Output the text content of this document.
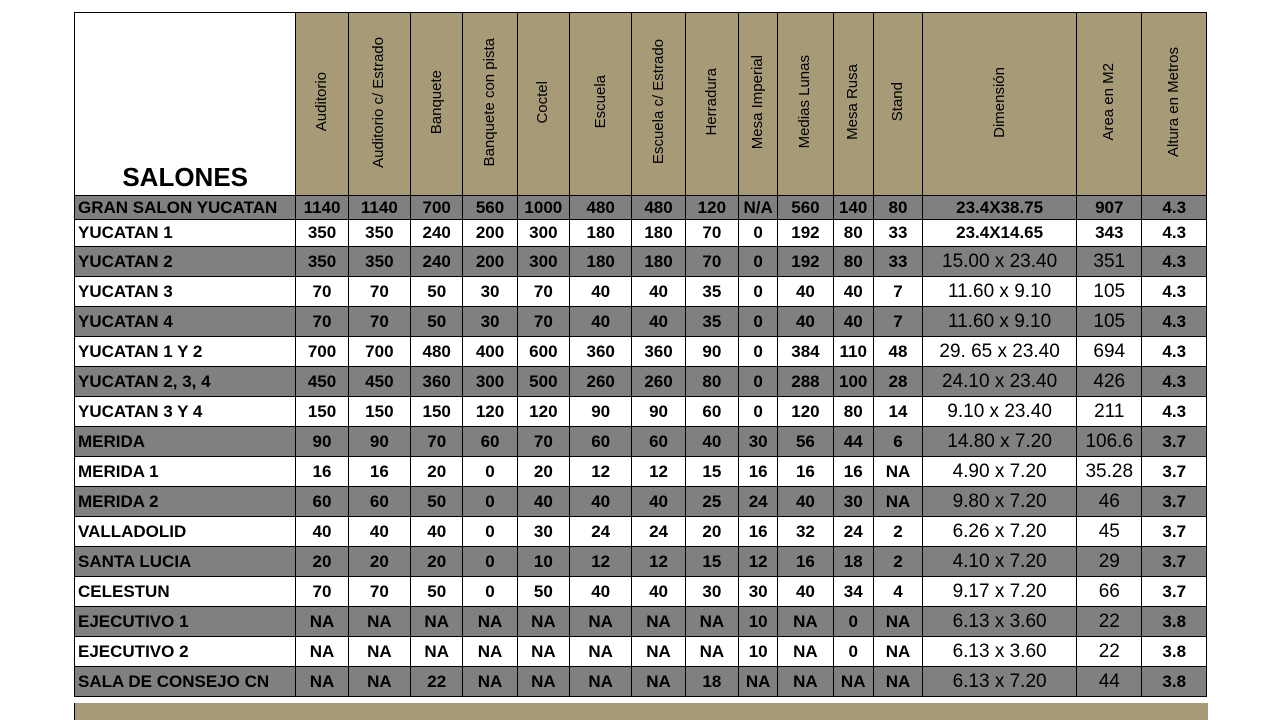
SALONES	Auditorio	Auditorio c/ Estrado	Banquete	Banquete con pista	Coctel	Escuela	Escuela c/ Estrado	Herradura	Mesa Imperial	Medias Lunas	Mesa Rusa	Stand	Dimensión	Area en M2	Altura en Metros
GRAN SALON YUCATAN	1140	1140	700	560	1000	480	480	120	N/A	560	140	80	23.4X38.75	907	4.3
YUCATAN 1	350	350	240	200	300	180	180	70	0	192	80	33	23.4X14.65	343	4.3
YUCATAN 2	350	350	240	200	300	180	180	70	0	192	80	33	15.00 x 23.40	351	4.3
YUCATAN 3	70	70	50	30	70	40	40	35	0	40	40	7	11.60 x 9.10	105	4.3
YUCATAN 4	70	70	50	30	70	40	40	35	0	40	40	7	11.60 x 9.10	105	4.3
YUCATAN 1 Y 2	700	700	480	400	600	360	360	90	0	384	110	48	29. 65 x 23.40	694	4.3
YUCATAN 2, 3, 4	450	450	360	300	500	260	260	80	0	288	100	28	24.10 x 23.40	426	4.3
YUCATAN 3 Y 4	150	150	150	120	120	90	90	60	0	120	80	14	9.10 x 23.40	211	4.3
MERIDA	90	90	70	60	70	60	60	40	30	56	44	6	14.80 x 7.20	106.6	3.7
MERIDA 1	16	16	20	0	20	12	12	15	16	16	16	NA	4.90 x 7.20	35.28	3.7
MERIDA 2	60	60	50	0	40	40	40	25	24	40	30	NA	9.80 x 7.20	46	3.7
VALLADOLID	40	40	40	0	30	24	24	20	16	32	24	2	6.26 x 7.20	45	3.7
SANTA LUCIA	20	20	20	0	10	12	12	15	12	16	18	2	4.10 x 7.20	29	3.7
CELESTUN	70	70	50	0	50	40	40	30	30	40	34	4	9.17 x 7.20	66	3.7
EJECUTIVO 1	NA	NA	NA	NA	NA	NA	NA	NA	10	NA	0	NA	6.13 x 3.60	22	3.8
EJECUTIVO 2	NA	NA	NA	NA	NA	NA	NA	NA	10	NA	0	NA	6.13 x 3.60	22	3.8
SALA DE CONSEJO CN	NA	NA	22	NA	NA	NA	NA	18	NA	NA	NA	NA	6.13 x 7.20	44	3.8
